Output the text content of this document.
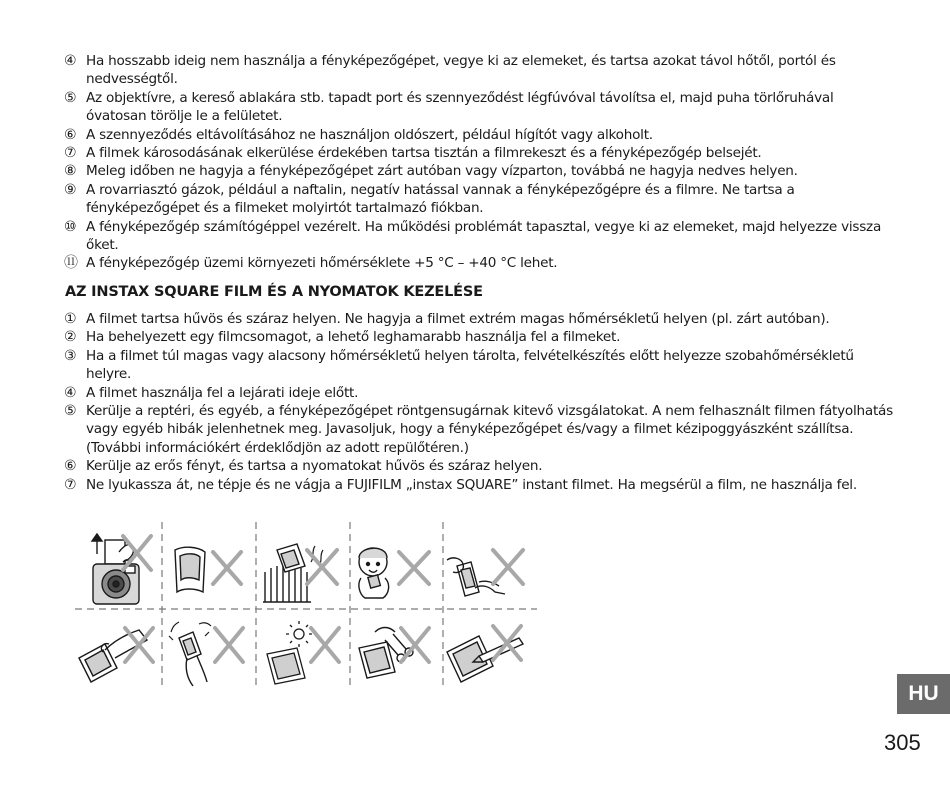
④ Ha hosszabb ideig nem használja a fényképezőgépet, vegye ki az elemeket, és tartsa azokat távol hőtől, portól és nedvességtől.
⑤ Az objektívre, a kereső ablakára stb. tapadt port és szennyeződést légfúvóval távolítsa el, majd puha törlőruhával óvatosan törölje le a felületet.
⑥ A szennyeződés eltávolításához ne használjon oldószert, például hígítót vagy alkoholt.
⑦ A filmek károsodásának elkerülése érdekében tartsa tisztán a filmrekeszt és a fényképezőgép belsejét.
⑧ Meleg időben ne hagyja a fényképezőgépet zárt autóban vagy vízparton, továbbá ne hagyja nedves helyen.
⑨ A rovarriasztó gázok, például a naftalin, negatív hatással vannak a fényképezőgépre és a filmre. Ne tartsa a fényképezőgépet és a filmeket molyirtót tartalmazó fiókban.
⑩ A fényképezőgép számítógéppel vezérelt. Ha működési problémát tapasztal, vegye ki az elemeket, majd helyezze vissza őket.
⑪ A fényképezőgép üzemi környezeti hőmérséklete +5 °C – +40 °C lehet.
AZ INSTAX SQUARE FILM ÉS A NYOMATOK KEZELÉSE
① A filmet tartsa hűvös és száraz helyen. Ne hagyja a filmet extrém magas hőmérsékletű helyen (pl. zárt autóban).
② Ha behelyezett egy filmcsomagot, a lehető leghamarabb használja fel a filmeket.
③ Ha a filmet túl magas vagy alacsony hőmérsékletű helyen tárolta, felvételkészítés előtt helyezze szobahőmérsékletű helyre.
④ A filmet használja fel a lejárati ideje előtt.
⑤ Kerülje a reptéri, és egyéb, a fényképezőgépet röntgensugárnak kitevő vizsgálatokat. A nem felhasznált filmen fátyolhatás vagy egyéb hibák jelenhetnek meg. Javasoljuk, hogy a fényképezőgépet és/vagy a filmet kézipoggyászként szállítsa. (További információkért érdeklődjön az adott repülőtéren.)
⑥ Kerülje az erős fényt, és tartsa a nyomatokat hűvös és száraz helyen.
⑦ Ne lyukassza át, ne tépje és ne vágja a FUJIFILM „instax SQUARE” instant filmet. Ha megsérül a film, ne használja fel.
HU
305
